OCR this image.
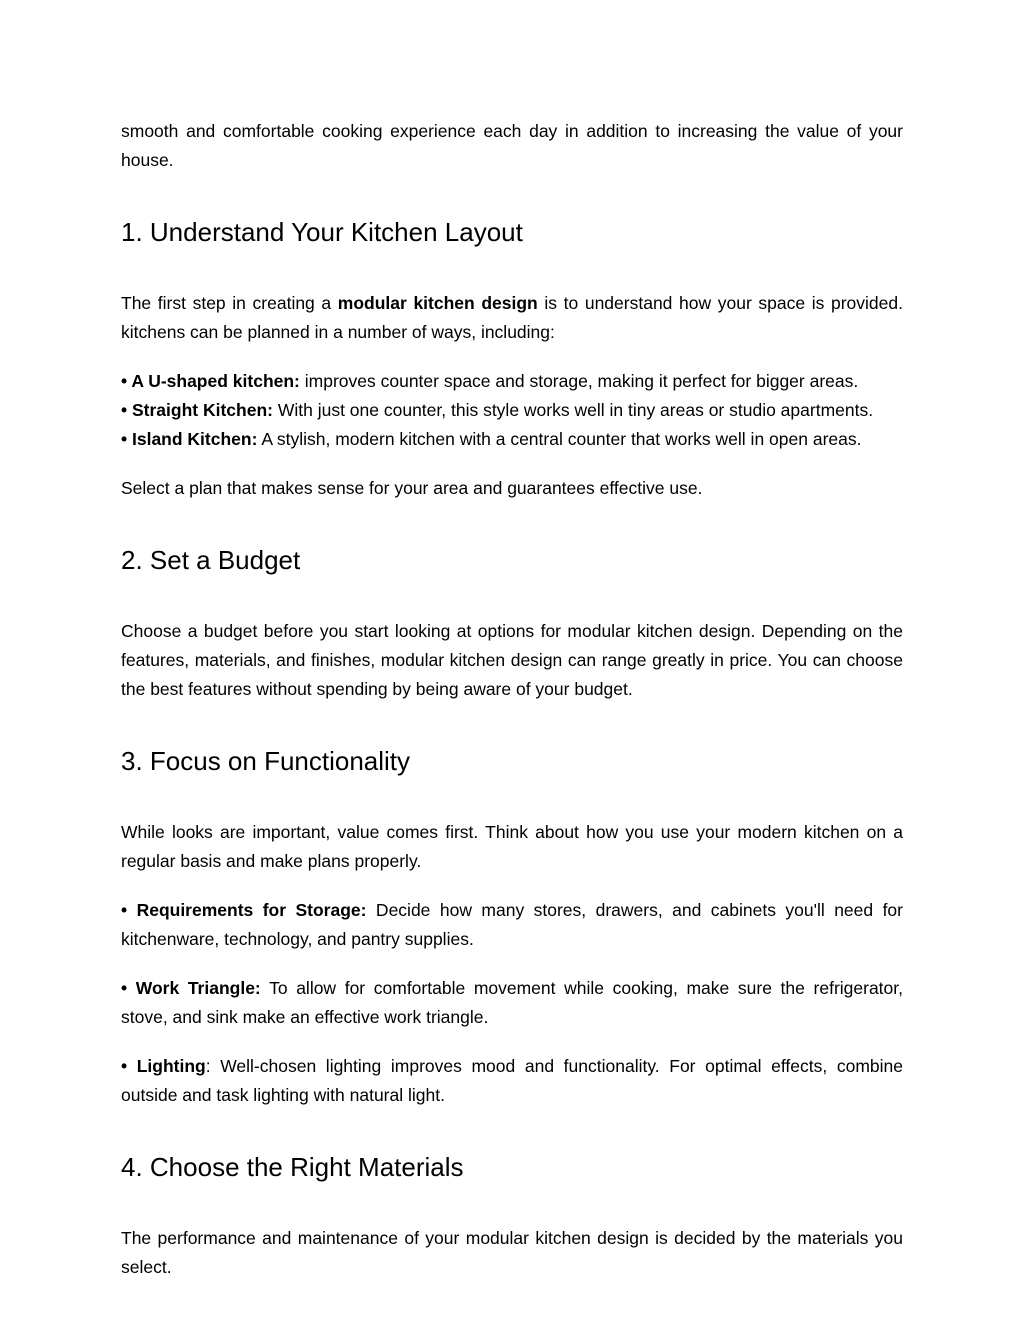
smooth and comfortable cooking experience each day in addition to increasing the value of your house.

1. Understand Your Kitchen Layout

The first step in creating a modular kitchen design is to understand how your space is provided. kitchens can be planned in a number of ways, including:

• A U-shaped kitchen: improves counter space and storage, making it perfect for bigger areas.

• Straight Kitchen: With just one counter, this style works well in tiny areas or studio apartments.

• Island Kitchen: A stylish, modern kitchen with a central counter that works well in open areas.

Select a plan that makes sense for your area and guarantees effective use.

2. Set a Budget

Choose a budget before you start looking at options for modular kitchen design. Depending on the features, materials, and finishes, modular kitchen design can range greatly in price. You can choose the best features without spending by being aware of your budget.

3. Focus on Functionality

While looks are important, value comes first. Think about how you use your modern kitchen on a regular basis and make plans properly.

• Requirements for Storage: Decide how many stores, drawers, and cabinets you'll need for kitchenware, technology, and pantry supplies.

• Work Triangle: To allow for comfortable movement while cooking, make sure the refrigerator, stove, and sink make an effective work triangle.

• Lighting: Well-chosen lighting improves mood and functionality. For optimal effects, combine outside and task lighting with natural light.

4. Choose the Right Materials

The performance and maintenance of your modular kitchen design is decided by the materials you select.
